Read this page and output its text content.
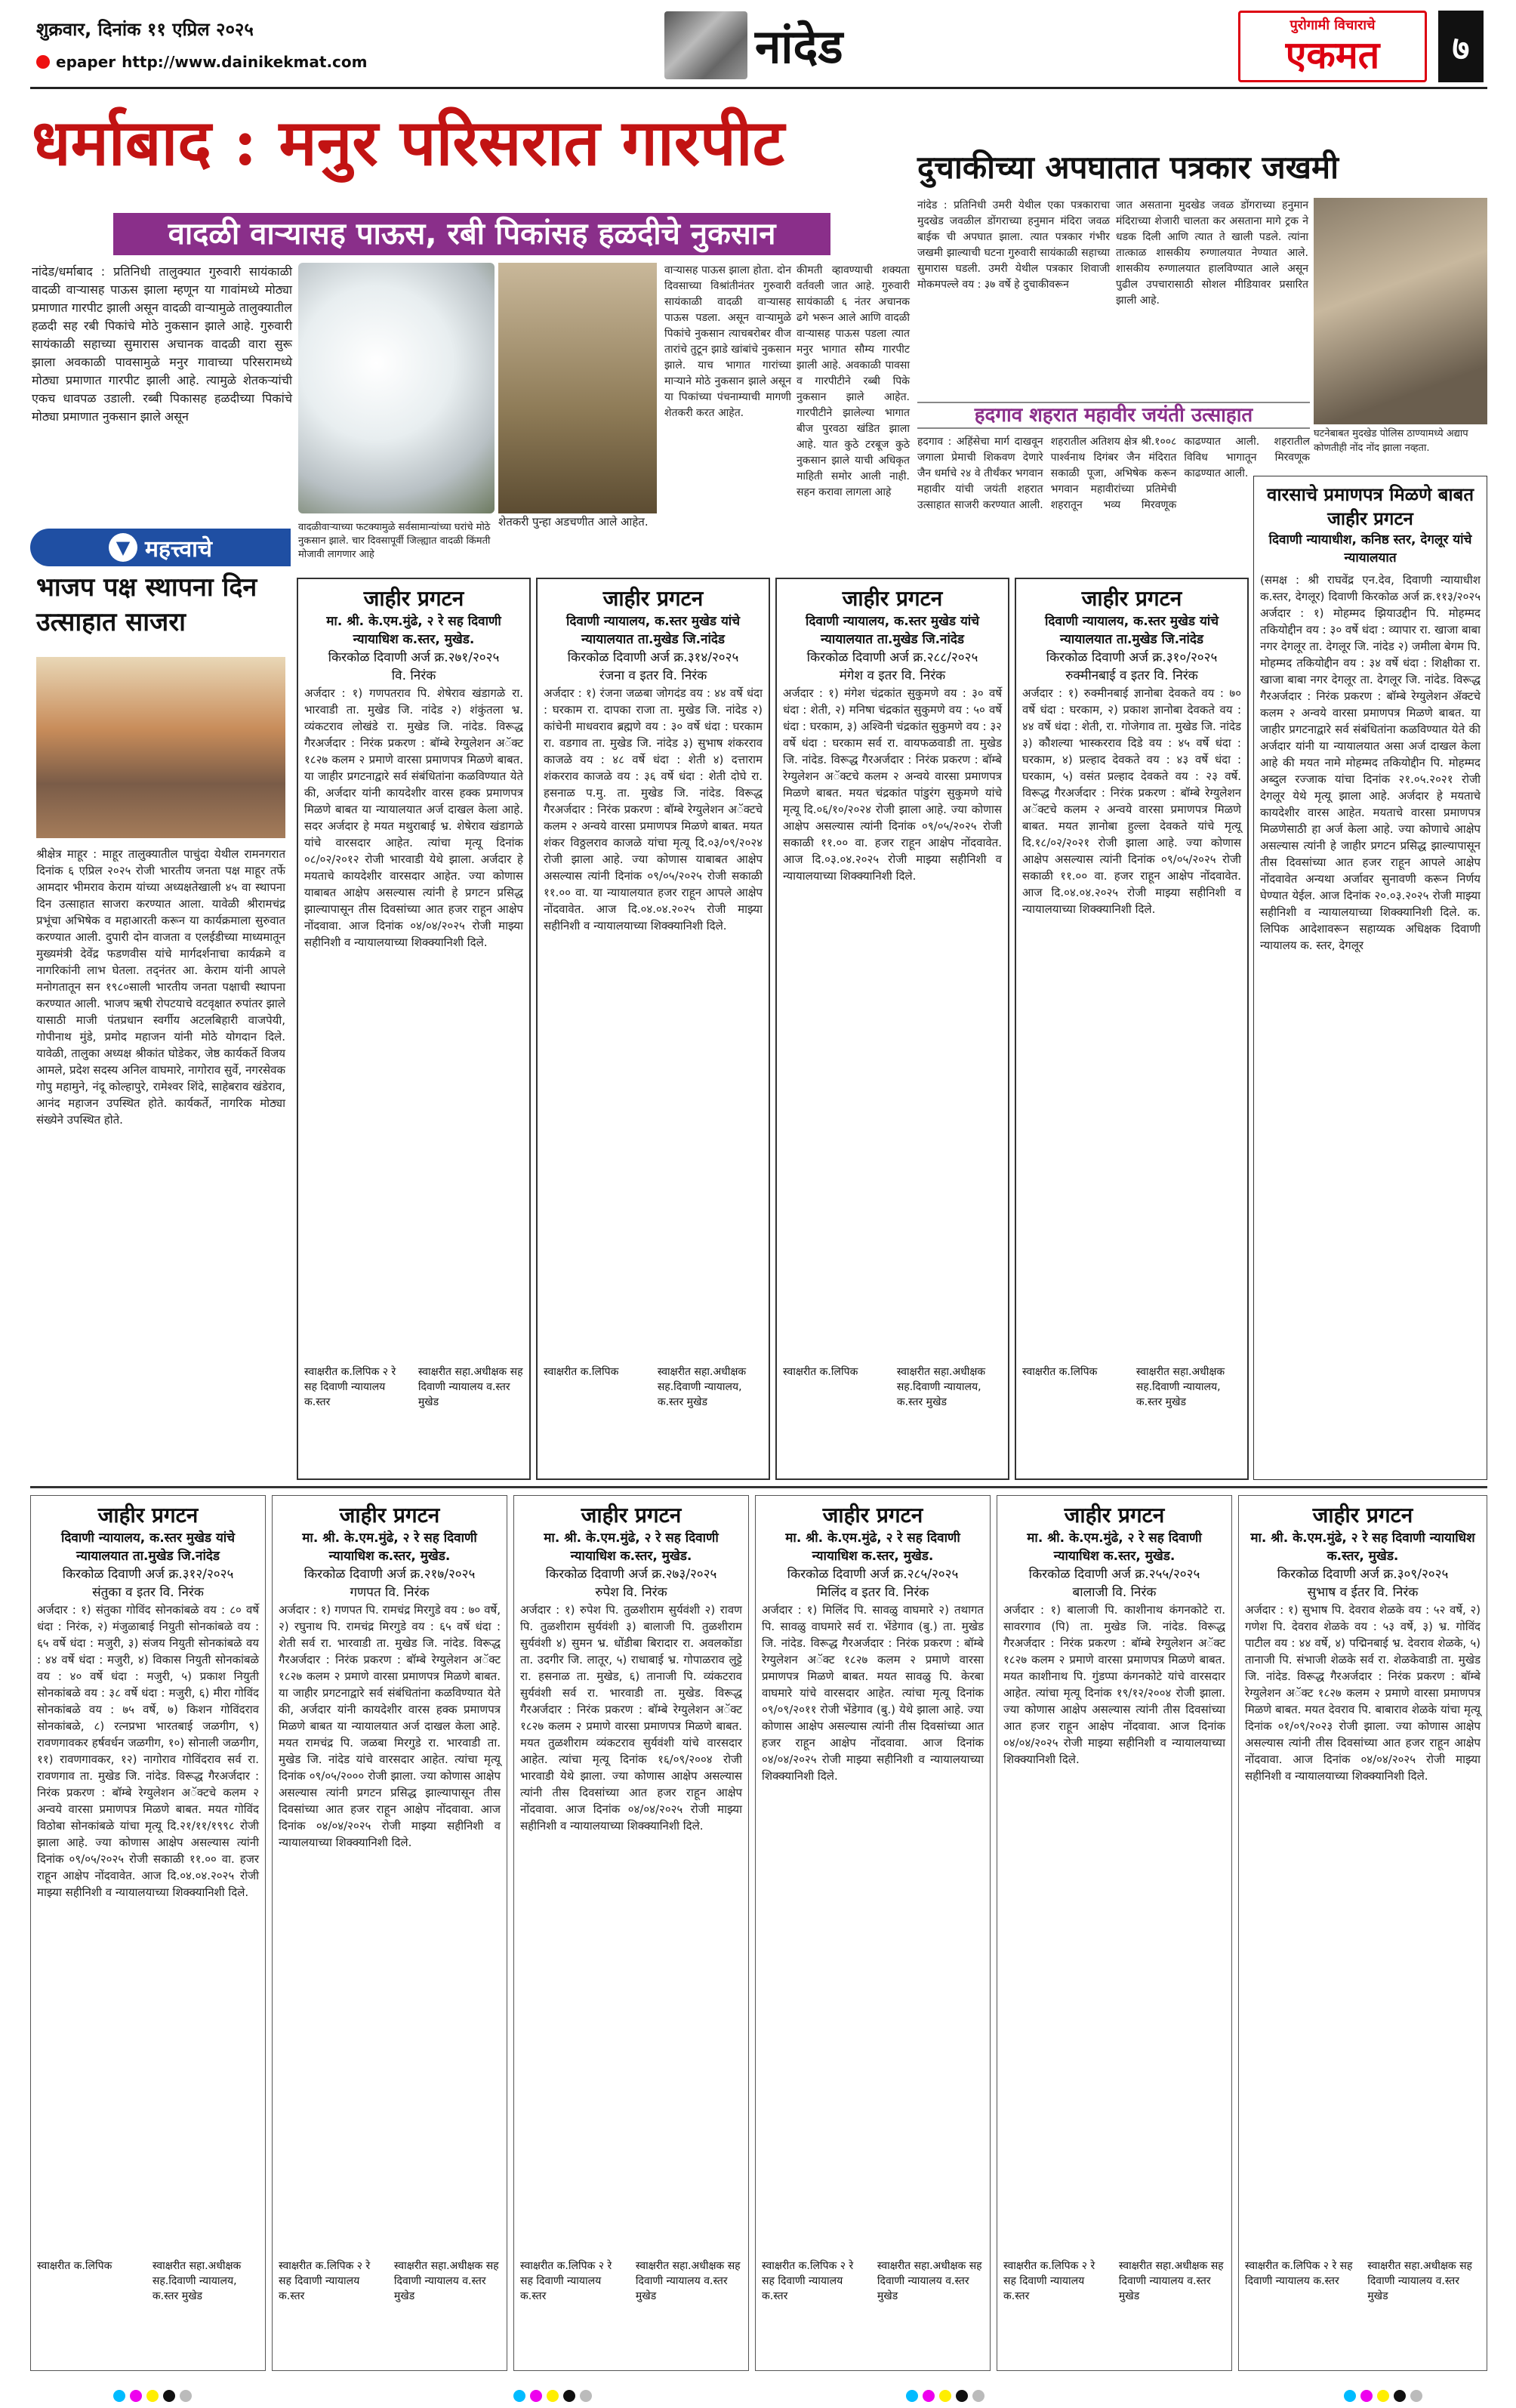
शुक्रवार, दिनांक ११ एप्रिल २०२५
epaper http://www.dainikekmat.com	नांदेड	पुरोगामी विचाराचे
एकमत	७
धर्माबाद : मनुर परिसरात गारपीट
वादळी वाऱ्यासह पाऊस, रबी पिकांसह हळदीचे नुकसान
नांदेड/धर्माबाद : प्रतिनिधी तालुक्यात गुरुवारी सायंकाळी वादळी वाऱ्यासह पाऊस झाला म्हणून या गावांमध्ये मोठ्या प्रमाणात गारपीट झाली असून वादळी वाऱ्यामुळे तालुक्यातील हळदी सह रबी पिकांचे मोठे नुकसान झाले आहे. गुरुवारी सायंकाळी सहाच्या सुमारास अचानक वादळी वारा सुरू झाला अवकाळी पावसामुळे मनुर गावाच्या परिसरामध्ये मोठ्या प्रमाणात गारपीट झाली आहे. त्यामुळे शेतकऱ्यांची एकच धावपळ उडाली. रब्बी पिकासह हळदीच्या पिकांचे मोठ्या प्रमाणात नुकसान झाले असून
शेतकरी पुन्हा अडचणीत आले आहेत.
वाऱ्यासह पाऊस झाला होता. दोन दिवसाच्या विश्रांतीनंतर गुरुवारी सायंकाळी वादळी वाऱ्यासह पाऊस पडला. असून वाऱ्यामुळे पिकांचे नुकसान त्याचबरोबर वीज तारांचे तुटून झाडे खांबांचे नुकसान झाले. याच भागात गारांच्या माऱ्याने मोठे नुकसान झाले असून या पिकांच्या पंचनाम्याची मागणी शेतकरी करत आहेत.
कीमती व्हावण्याची शक्यता वर्तवली जात आहे. गुरुवारी सायंकाळी ६ नंतर अचानक ढगे भरून आले आणि वादळी वाऱ्यासह पाऊस पडला त्यात मनुर भागात सौम्य गारपीट झाली आहे. अवकाळी पावसा व गारपीटीने रब्बी पिके नुकसान झाले आहेत. गारपीटीने झालेल्या भागात बीज पुरवठा खंडित झाला आहे. यात कुठे टरबूज कुठे नुकसान झाले याची अधिकृत माहिती समोर आली नाही. सहन करावा लागला आहे
वादळीवाऱ्याच्या फटक्यामुळे सर्वसामान्यांच्या घरांचे मोठे नुकसान झाले. चार दिवसापूर्वी जिल्ह्यात वादळी किंमती मोजावी लागणार आहे
दुचाकीच्या अपघातात पत्रकार जखमी
नांदेड : प्रतिनिधी उमरी येथील एका पत्रकाराचा मुदखेड जवळील डोंगराच्या हनुमान मंदिरा जवळ बाईक ची अपघात झाला. त्यात पत्रकार गंभीर जखमी झाल्याची घटना गुरुवारी सायंकाळी सहाच्या सुमारास घडली. उमरी येथील पत्रकार शिवाजी मोकमपल्ले वय : ३७ वर्षे हे दुचाकीवरून
जात असताना मुदखेड जवळ डोंगराच्या हनुमान मंदिराच्या शेजारी चालता कर असताना मागे ट्रक ने धडक दिली आणि त्यात ते खाली पडले. त्यांना तात्काळ शासकीय रुग्णालयात नेण्यात आले. शासकीय रुग्णालयात हालविण्यात आले असून पुढील उपचारासाठी सोशल मीडियावर प्रसारित झाली आहे.
घटनेबाबत मुदखेड पोलिस ठाण्यामध्ये अद्याप कोणतीही नोंद नोंद झाला नव्हता.
हदगाव शहरात महावीर जयंती उत्साहात
हदगाव : अहिंसेचा मार्ग दाखवून जगाला प्रेमाची शिकवण देणारे जैन धर्माचे २४ वे तीर्थंकर भगवान महावीर यांची जयंती शहरात उत्साहात साजरी करण्यात आली. शहरातील अतिशय क्षेत्र श्री.१००८ पार्श्वनाथ दिगंबर जैन मंदिरात सकाळी पूजा, अभिषेक करून भगवान महावीरांच्या प्रतिमेची शहरातून भव्य मिरवणूक काढण्यात आली. शहरातील विविध भागातून मिरवणूक काढण्यात आली.
वारसाचे प्रमाणपत्र मिळणे बाबत जाहीर प्रगटन
दिवाणी न्यायाधीश, कनिष्ठ स्तर, देगलूर यांचे न्यायालयात
(समक्ष : श्री राघवेंद्र एन.देव, दिवाणी न्यायाधीश क.स्तर, देगलूर) दिवाणी किरकोळ अर्ज क्र.११३/२०२५ अर्जदार : १) मोहम्मद झियाउद्दीन पि. मोहम्मद तकियोद्दीन वय : ३० वर्षे धंदा : व्यापार रा. खाजा बाबा नगर देगलूर ता. देगलूर जि. नांदेड २) जमीला बेगम पि. मोहम्मद तकियोद्दीन वय : ३४ वर्षे धंदा : शिक्षीका रा. खाजा बाबा नगर देगलूर ता. देगलूर जि. नांदेड. विरूद्ध गैरअर्जदार : निरंक प्रकरण : बॉम्बे रेग्युलेशन ॲक्टचे कलम २ अन्वये वारसा प्रमाणपत्र मिळणे बाबत. या जाहीर प्रगटनाद्वारे सर्व संबंधितांना कळविण्यात येते की अर्जदार यांनी या न्यायालयात असा अर्ज दाखल केला आहे की मयत नामे मोहम्मद तकियोद्दीन पि. मोहम्मद अब्दुल रज्जाक यांचा दिनांक २१.०५.२०२१ रोजी देगलूर येथे मृत्यू झाला आहे. अर्जदार हे मयताचे कायदेशीर वारस आहेत. मयताचे वारसा प्रमाणपत्र मिळणेसाठी हा अर्ज केला आहे. ज्या कोणाचे आक्षेप असल्यास त्यांनी हे जाहीर प्रगटन प्रसिद्ध झाल्यापासून तीस दिवसांच्या आत हजर राहून आपले आक्षेप नोंदवावेत अन्यथा अर्जावर सुनावणी करून निर्णय घेण्यात येईल. आज दिनांक २०.०३.२०२५ रोजी माझ्या सहीनिशी व न्यायालयाच्या शिक्क्यानिशी दिले. क. लिपिक आदेशावरून सहाय्यक अधिक्षक दिवाणी न्यायालय क. स्तर, देगलूर
▼ महत्त्वाचे
भाजप पक्ष स्थापना दिन उत्साहात साजरा
श्रीक्षेत्र माहूर : माहूर तालुक्यातील पाचुंदा येथील रामनगरात दिनांक ६ एप्रिल २०२५ रोजी भारतीय जनता पक्ष माहूर तर्फे आमदार भीमराव केराम यांच्या अध्यक्षतेखाली ४५ वा स्थापना दिन उत्साहात साजरा करण्यात आला. यावेळी श्रीरामचंद्र प्रभूंचा अभिषेक व महाआरती करून या कार्यक्रमाला सुरुवात करण्यात आली. दुपारी दोन वाजता व एलईडीच्या माध्यमातून मुख्यमंत्री देवेंद्र फडणवीस यांचे मार्गदर्शनाचा कार्यक्रमे व नागरिकांनी लाभ घेतला. तद्नंतर आ. केराम यांनी आपले मनोगतातून सन १९८०साली भारतीय जनता पक्षाची स्थापना करण्यात आली. भाजप ऋषी रोपटयाचे वटवृक्षात रुपांतर झाले यासाठी माजी पंतप्रधान स्वर्गीय अटलबिहारी वाजपेयी, गोपीनाथ मुंडे, प्रमोद महाजन यांनी मोठे योगदान दिले. यावेळी, तालुका अध्यक्ष श्रीकांत घोडेकर, जेष्ठ कार्यकर्ते विजय आमले, प्रदेश सदस्य अनिल वाघमारे, नागोराव सुर्वे, नगरसेवक गोपु महामुने, नंदू कोल्हापुरे, रामेश्वर शिंदे, साहेबराव खंडेराव, आनंद महाजन उपस्थित होते. कार्यकर्ते, नागरिक मोठ्या संख्येने उपस्थित होते.
जाहीर प्रगटन
मा. श्री. के.एम.मुंढे, २ रे सह दिवाणी न्यायाधिश क.स्तर, मुखेड.
किरकोळ दिवाणी अर्ज क्र.२७१/२०२५
वि. निरंक
अर्जदार : १) गणपतराव पि. शेषेराव खंडागळे रा. भारवाडी ता. मुखेड जि. नांदेड २) शंकुंतला भ्र. व्यंकटराव लोखंडे रा. मुखेड जि. नांदेड. विरूद्ध गैरअर्जदार : निरंक प्रकरण : बॉम्बे रेग्युलेशन अॅक्ट १८२७ कलम २ प्रमाणे वारसा प्रमाणपत्र मिळणे बाबत. या जाहीर प्रगटनाद्वारे सर्व संबंधितांना कळविण्यात येते की, अर्जदार यांनी कायदेशीर वारस हक्क प्रमाणपत्र मिळणे बाबत या न्यायालयात अर्ज दाखल केला आहे. सदर अर्जदार हे मयत मथुराबाई भ्र. शेषेराव खंडागळे यांचे वारसदार आहेत. त्यांचा मृत्यू दिनांक ०८/०२/२०१२ रोजी भारवाडी येथे झाला. अर्जदार हे मयताचे कायदेशीर वारसदार आहेत. ज्या कोणास याबाबत आक्षेप असल्यास त्यांनी हे प्रगटन प्रसिद्ध झाल्यापासून तीस दिवसांच्या आत हजर राहून आक्षेप नोंदवावा. आज दिनांक ०४/०४/२०२५ रोजी माझ्या सहीनिशी व न्यायालयाच्या शिक्क्यानिशी दिले.
स्वाक्षरीत क.लिपिक २ रे सह दिवाणी न्यायालय क.स्तर
स्वाक्षरीत सहा.अधीक्षक सह दिवाणी न्यायालय व.स्तर मुखेड
जाहीर प्रगटन
दिवाणी न्यायालय, क.स्तर मुखेड यांचे न्यायालयात ता.मुखेड जि.नांदेड
किरकोळ दिवाणी अर्ज क्र.३१४/२०२५
रंजना व इतर वि. निरंक
अर्जदार : १) रंजना जळबा जोगदंड वय : ४४ वर्षे धंदा : घरकाम रा. दापका राजा ता. मुखेड जि. नांदेड २) कांचेनी माधवराव ब्रह्मणे वय : ३० वर्षे धंदा : घरकाम रा. वडगाव ता. मुखेड जि. नांदेड ३) सुभाष शंकरराव काजळे वय : ४८ वर्षे धंदा : शेती ४) दत्ताराम शंकरराव काजळे वय : ३६ वर्षे धंदा : शेती दोघे रा. हसनाळ प.मु. ता. मुखेड जि. नांदेड. विरूद्ध गैरअर्जदार : निरंक प्रकरण : बॉम्बे रेग्युलेशन अॅक्टचे कलम २ अन्वये वारसा प्रमाणपत्र मिळणे बाबत. मयत शंकर विठ्ठलराव काजळे यांचा मृत्यू दि.०३/०९/२०२४ रोजी झाला आहे. ज्या कोणास याबाबत आक्षेप असल्यास त्यांनी दिनांक ०९/०५/२०२५ रोजी सकाळी ११.०० वा. या न्यायालयात हजर राहून आपले आक्षेप नोंदवावेत. आज दि.०४.०४.२०२५ रोजी माझ्या सहीनिशी व न्यायालयाच्या शिक्क्यानिशी दिले.
स्वाक्षरीत क.लिपिक	स्वाक्षरीत सहा.अधीक्षक सह.दिवाणी न्यायालय, क.स्तर मुखेड
जाहीर प्रगटन
दिवाणी न्यायालय, क.स्तर मुखेड यांचे न्यायालयात ता.मुखेड जि.नांदेड
किरकोळ दिवाणी अर्ज क्र.२८८/२०२५
मंगेश व इतर वि. निरंक
अर्जदार : १) मंगेश चंद्रकांत सुकुमणे वय : ३० वर्षे धंदा : शेती, २) मनिषा चंद्रकांत सुकुमणे वय : ५० वर्षे धंदा : घरकाम, ३) अश्विनी चंद्रकांत सुकुमणे वय : ३२ वर्षे धंदा : घरकाम सर्व रा. वायफळवाडी ता. मुखेड जि. नांदेड. विरूद्ध गैरअर्जदार : निरंक प्रकरण : बॉम्बे रेग्युलेशन अॅक्टचे कलम २ अन्वये वारसा प्रमाणपत्र मिळणे बाबत. मयत चंद्रकांत पांडुरंग सुकुमणे यांचे मृत्यू दि.०६/१०/२०२४ रोजी झाला आहे. ज्या कोणास आक्षेप असल्यास त्यांनी दिनांक ०९/०५/२०२५ रोजी सकाळी ११.०० वा. हजर राहून आक्षेप नोंदवावेत. आज दि.०३.०४.२०२५ रोजी माझ्या सहीनिशी व न्यायालयाच्या शिक्क्यानिशी दिले.
स्वाक्षरीत क.लिपिक	स्वाक्षरीत सहा.अधीक्षक सह.दिवाणी न्यायालय, क.स्तर मुखेड
जाहीर प्रगटन
दिवाणी न्यायालय, क.स्तर मुखेड यांचे न्यायालयात ता.मुखेड जि.नांदेड
किरकोळ दिवाणी अर्ज क्र.३१०/२०२५
रुक्मीनबाई व इतर वि. निरंक
अर्जदार : १) रुक्मीनबाई ज्ञानोबा देवकते वय : ७० वर्षे धंदा : घरकाम, २) प्रकाश ज्ञानोबा देवकते वय : ४४ वर्षे धंदा : शेती, रा. गोजेगाव ता. मुखेड जि. नांदेड ३) कौशल्या भास्करराव दिडे वय : ४५ वर्षे धंदा : घरकाम, ४) प्रल्हाद देवकते वय : ४३ वर्षे धंदा : घरकाम, ५) वसंत प्रल्हाद देवकते वय : २३ वर्षे. विरूद्ध गैरअर्जदार : निरंक प्रकरण : बॉम्बे रेग्युलेशन अॅक्टचे कलम २ अन्वये वारसा प्रमाणपत्र मिळणे बाबत. मयत ज्ञानोबा हुल्ला देवकते यांचे मृत्यू दि.१८/०२/२०२१ रोजी झाला आहे. ज्या कोणास आक्षेप असल्यास त्यांनी दिनांक ०९/०५/२०२५ रोजी सकाळी ११.०० वा. हजर राहून आक्षेप नोंदवावेत. आज दि.०४.०४.२०२५ रोजी माझ्या सहीनिशी व न्यायालयाच्या शिक्क्यानिशी दिले.
स्वाक्षरीत क.लिपिक	स्वाक्षरीत सहा.अधीक्षक सह.दिवाणी न्यायालय, क.स्तर मुखेड
जाहीर प्रगटन
दिवाणी न्यायालय, क.स्तर मुखेड यांचे न्यायालयात ता.मुखेड जि.नांदेड
किरकोळ दिवाणी अर्ज क्र.३१२/२०२५
संतुका व इतर वि. निरंक
अर्जदार : १) संतुका गोविंद सोनकांबळे वय : ८० वर्षे धंदा : निरंक, २) मंजुळाबाई नियुती सोनकांबळे वय : ६५ वर्षे धंदा : मजुरी, ३) संजय नियुती सोनकांबळे वय : ४४ वर्षे धंदा : मजुरी, ४) विकास नियुती सोनकांबळे वय : ४० वर्षे धंदा : मजुरी, ५) प्रकाश नियुती सोनकांबळे वय : ३८ वर्षे धंदा : मजुरी, ६) मीरा गोविंद सोनकांबळे वय : ७५ वर्षे, ७) किशन गोविंदराव सोनकांबळे, ८) रत्नप्रभा भारतबाई जळगीग, ९) रावणगावकर हर्षवर्धन जळगीग, १०) सोनाली जळगीग, ११) रावणगावकर, १२) नागोराव गोविंदराव सर्व रा. रावणगाव ता. मुखेड जि. नांदेड. विरूद्ध गैरअर्जदार : निरंक प्रकरण : बॉम्बे रेग्युलेशन अॅक्टचे कलम २ अन्वये वारसा प्रमाणपत्र मिळणे बाबत. मयत गोविंद विठोबा सोनकांबळे यांचा मृत्यू दि.२१/११/१९९८ रोजी झाला आहे. ज्या कोणास आक्षेप असल्यास त्यांनी दिनांक ०९/०५/२०२५ रोजी सकाळी ११.०० वा. हजर राहून आक्षेप नोंदवावेत. आज दि.०४.०४.२०२५ रोजी माझ्या सहीनिशी व न्यायालयाच्या शिक्क्यानिशी दिले.
स्वाक्षरीत क.लिपिक	स्वाक्षरीत सहा.अधीक्षक सह.दिवाणी न्यायालय, क.स्तर मुखेड
जाहीर प्रगटन
मा. श्री. के.एम.मुंढे, २ रे सह दिवाणी न्यायाधिश क.स्तर, मुखेड.
किरकोळ दिवाणी अर्ज क्र.२१७/२०२५
गणपत वि. निरंक
अर्जदार : १) गणपत पि. रामचंद्र मिरगुडे वय : ७० वर्षे, २) रघुनाथ पि. रामचंद्र मिरगुडे वय : ६५ वर्षे धंदा : शेती सर्व रा. भारवाडी ता. मुखेड जि. नांदेड. विरूद्ध गैरअर्जदार : निरंक प्रकरण : बॉम्बे रेग्युलेशन अॅक्ट १८२७ कलम २ प्रमाणे वारसा प्रमाणपत्र मिळणे बाबत. या जाहीर प्रगटनाद्वारे सर्व संबंधितांना कळविण्यात येते की, अर्जदार यांनी कायदेशीर वारस हक्क प्रमाणपत्र मिळणे बाबत या न्यायालयात अर्ज दाखल केला आहे. मयत रामचंद्र पि. जळबा मिरगुडे रा. भारवाडी ता. मुखेड जि. नांदेड यांचे वारसदार आहेत. त्यांचा मृत्यू दिनांक ०९/०५/२००० रोजी झाला. ज्या कोणास आक्षेप असल्यास त्यांनी प्रगटन प्रसिद्ध झाल्यापासून तीस दिवसांच्या आत हजर राहून आक्षेप नोंदवावा. आज दिनांक ०४/०४/२०२५ रोजी माझ्या सहीनिशी व न्यायालयाच्या शिक्क्यानिशी दिले.
स्वाक्षरीत क.लिपिक २ रे सह दिवाणी न्यायालय क.स्तर
स्वाक्षरीत सहा.अधीक्षक सह दिवाणी न्यायालय व.स्तर मुखेड
जाहीर प्रगटन
मा. श्री. के.एम.मुंढे, २ रे सह दिवाणी न्यायाधिश क.स्तर, मुखेड.
किरकोळ दिवाणी अर्ज क्र.२७३/२०२५
रुपेश वि. निरंक
अर्जदार : १) रुपेश पि. तुळशीराम सुर्यवंशी २) रावण पि. तुळशीराम सुर्यवंशी ३) बालाजी पि. तुळशीराम सुर्यवंशी ४) सुमन भ्र. धोंडीबा बिरादार रा. अवलकोंडा ता. उदगीर जि. लातूर, ५) राधाबाई भ्र. गोपाळराव लुट्टे रा. हसनाळ ता. मुखेड, ६) तानाजी पि. व्यंकटराव सुर्यवंशी सर्व रा. भारवाडी ता. मुखेड. विरूद्ध गैरअर्जदार : निरंक प्रकरण : बॉम्बे रेग्युलेशन अॅक्ट १८२७ कलम २ प्रमाणे वारसा प्रमाणपत्र मिळणे बाबत. मयत तुळशीराम व्यंकटराव सुर्यवंशी यांचे वारसदार आहेत. त्यांचा मृत्यू दिनांक १६/०९/२००४ रोजी भारवाडी येथे झाला. ज्या कोणास आक्षेप असल्यास त्यांनी तीस दिवसांच्या आत हजर राहून आक्षेप नोंदवावा. आज दिनांक ०४/०४/२०२५ रोजी माझ्या सहीनिशी व न्यायालयाच्या शिक्क्यानिशी दिले.
स्वाक्षरीत क.लिपिक २ रे सह दिवाणी न्यायालय क.स्तर
स्वाक्षरीत सहा.अधीक्षक सह दिवाणी न्यायालय व.स्तर मुखेड
जाहीर प्रगटन
मा. श्री. के.एम.मुंढे, २ रे सह दिवाणी न्यायाधिश क.स्तर, मुखेड.
किरकोळ दिवाणी अर्ज क्र.२८५/२०२५
मिलिंद व इतर वि. निरंक
अर्जदार : १) मिलिंद पि. सावळु वाघमारे २) तथागत पि. सावळु वाघमारे सर्व रा. भेंडेगाव (बु.) ता. मुखेड जि. नांदेड. विरूद्ध गैरअर्जदार : निरंक प्रकरण : बॉम्बे रेग्युलेशन अॅक्ट १८२७ कलम २ प्रमाणे वारसा प्रमाणपत्र मिळणे बाबत. मयत सावळु पि. केरबा वाघमारे यांचे वारसदार आहेत. त्यांचा मृत्यू दिनांक ०९/०९/२०११ रोजी भेंडेगाव (बु.) येथे झाला आहे. ज्या कोणास आक्षेप असल्यास त्यांनी तीस दिवसांच्या आत हजर राहून आक्षेप नोंदवावा. आज दिनांक ०४/०४/२०२५ रोजी माझ्या सहीनिशी व न्यायालयाच्या शिक्क्यानिशी दिले.
स्वाक्षरीत क.लिपिक २ रे सह दिवाणी न्यायालय क.स्तर
स्वाक्षरीत सहा.अधीक्षक सह दिवाणी न्यायालय व.स्तर मुखेड
जाहीर प्रगटन
मा. श्री. के.एम.मुंढे, २ रे सह दिवाणी न्यायाधिश क.स्तर, मुखेड.
किरकोळ दिवाणी अर्ज क्र.२५५/२०२५
बालाजी वि. निरंक
अर्जदार : १) बालाजी पि. काशीनाथ कंगनकोटे रा. सावरगाव (पि) ता. मुखेड जि. नांदेड. विरूद्ध गैरअर्जदार : निरंक प्रकरण : बॉम्बे रेग्युलेशन अॅक्ट १८२७ कलम २ प्रमाणे वारसा प्रमाणपत्र मिळणे बाबत. मयत काशीनाथ पि. गुंडप्पा कंगनकोटे यांचे वारसदार आहेत. त्यांचा मृत्यू दिनांक १९/१२/२००४ रोजी झाला. ज्या कोणास आक्षेप असल्यास त्यांनी तीस दिवसांच्या आत हजर राहून आक्षेप नोंदवावा. आज दिनांक ०४/०४/२०२५ रोजी माझ्या सहीनिशी व न्यायालयाच्या शिक्क्यानिशी दिले.
स्वाक्षरीत क.लिपिक २ रे सह दिवाणी न्यायालय क.स्तर
स्वाक्षरीत सहा.अधीक्षक सह दिवाणी न्यायालय व.स्तर मुखेड
जाहीर प्रगटन
मा. श्री. के.एम.मुंढे, २ रे सह दिवाणी न्यायाधिश क.स्तर, मुखेड.
किरकोळ दिवाणी अर्ज क्र.३०९/२०२५
सुभाष व ईतर वि. निरंक
अर्जदार : १) सुभाष पि. देवराव शेळके वय : ५२ वर्षे, २) गणेश पि. देवराव शेळके वय : ५३ वर्षे, ३) भ्र. गोविंद पाटील वय : ४४ वर्षे, ४) पद्मिनबाई भ्र. देवराव शेळके, ५) तानाजी पि. संभाजी शेळके सर्व रा. शेळकेवाडी ता. मुखेड जि. नांदेड. विरूद्ध गैरअर्जदार : निरंक प्रकरण : बॉम्बे रेग्युलेशन अॅक्ट १८२७ कलम २ प्रमाणे वारसा प्रमाणपत्र मिळणे बाबत. मयत देवराव पि. बाबाराव शेळके यांचा मृत्यू दिनांक ०१/०९/२०२३ रोजी झाला. ज्या कोणास आक्षेप असल्यास त्यांनी तीस दिवसांच्या आत हजर राहून आक्षेप नोंदवावा. आज दिनांक ०४/०४/२०२५ रोजी माझ्या सहीनिशी व न्यायालयाच्या शिक्क्यानिशी दिले.
स्वाक्षरीत क.लिपिक २ रे सह दिवाणी न्यायालय क.स्तर
स्वाक्षरीत सहा.अधीक्षक सह दिवाणी न्यायालय व.स्तर मुखेड
